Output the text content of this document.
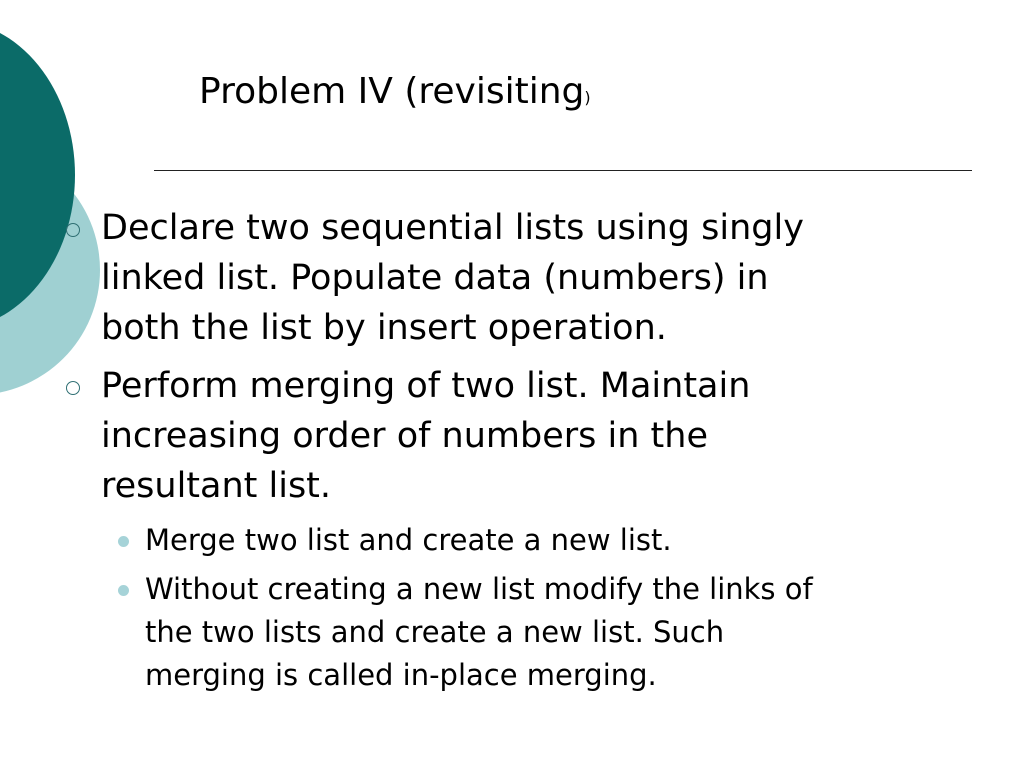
Problem IV (revisiting)
Declare two sequential lists using singly
linked list. Populate data (numbers) in
both the list by insert operation.
Perform merging of two list. Maintain
increasing order of numbers in the
resultant list.
Merge two list and create a new list.
Without creating a new list modify the links of
the two lists and create a new list. Such
merging is called in-place merging.
